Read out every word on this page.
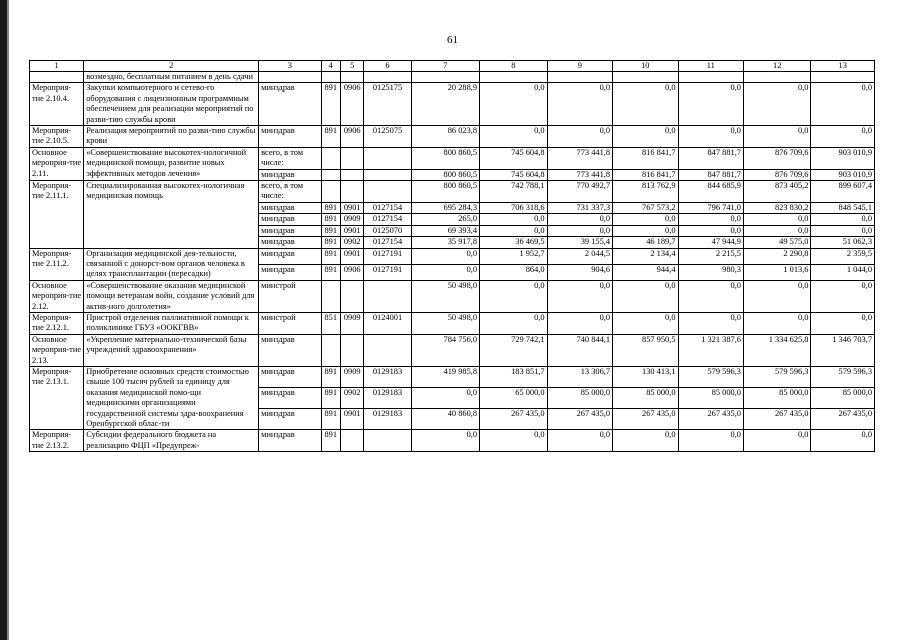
61
1	2	3	4	5	6	7	8	9	10	11	12	13
	возмездно, бесплатным питанием в день сдачи											
Мероприя-тие 2.10.4.	Закупки компьютерного и сетево-го оборудования с лицензионным программным обеспечением для реализации мероприятий по разви-тию службы крови	минздрав	891	0906	0125175	20 288,9	0,0	0,0	0,0	0,0	0,0	0,0
Мероприя-тие 2.10.5.	Реализация мероприятий по разви-тию службы крови	минздрав	891	0906	0125075	86 023,8	0,0	0,0	0,0	0,0	0,0	0,0
Основное мероприя-тие 2.11.	«Совершенствование высокотех-нологичной медицинской помощи, развитие новых эффективных методов лечения»	всего, в том числе:				800 860,5	745 604,8	773 441,8	816 841,7	847 881,7	876 709,6	903 010,9
		минздрав				800 860,5	745 604,8	773 441,8	816 841,7	847 881,7	876 709,6	903 010,9
Мероприя-тие 2.11.1.	Специализированная высокотех-нологичная медицинская помощь	всего, в том числе:				800 860,5	742 788,1	770 492,7	813 762,9	844 685,9	873 405,2	899 607,4
		минздрав	891	0901	0127154	695 284,3	706 318,6	731 337,3	767 573,2	796 741,0	823 830,2	848 545,1
		минздрав	891	0909	0127154	265,0	0,0	0,0	0,0	0,0	0,0	0,0
		минздрав	891	0901	0125070	69 393,4	0,0	0,0	0,0	0,0	0,0	0,0
		минздрав	891	0902	0127154	35 917,8	36 469,5	39 155,4	46 189,7	47 944,9	49 575,0	51 062,3
Мероприя-тие 2.11.2.	Организация медицинской дея-тельности, связанной с донорст-вом органов человека в целях трансплантации (пересадки)	минздрав	891	0901	0127191	0,0	1 952,7	2 044,5	2 134,4	2 215,5	2 290,8	2 359,5
		минздрав	891	0906	0127191	0,0	864,0	904,6	944,4	980,3	1 013,6	1 044,0
Основное мероприя-тие 2.12.	«Совершенствование оказания медицинской помощи ветеранам войн, создание условий для актив-ного долголетия»	минстрой				50 498,0	0,0	0,0	0,0	0,0	0,0	0,0
Мероприя-тие 2.12.1.	Пристрой отделения паллиативной помощи к поликлинике ГБУЗ «ООКГВВ»	минстрой	851	0909	0124001	50 498,0	0,0	0,0	0,0	0,0	0,0	0,0
Основное мероприя-тие 2.13.	«Укрепление материально-технической базы учреждений здравоохранения»	минздрав				784 756,0	729 742,1	740 844,1	857 950,5	1 321 387,6	1 334 625,8	1 346 703,7
Мероприя-тие 2.13.1.	Приобретение основных средств стоимостью свыше 100 тысяч рублей за единицу для оказания медицинской помо-щи медицинскими организациями государственной системы здра-воохранения Оренбургской облас-ти	минздрав	891	0909	0129183	419 985,8	183 851,7	13 306,7	130 413,1	579 596,3	579 596,3	579 596,3
		минздрав	891	0902	0129183	0,0	65 000,0	85 000,0	85 000,0	85 000,0	85 000,0	85 000,0
		минздрав	891	0901	0129183	40 860,8	267 435,0	267 435,0	267 435,0	267 435,0	267 435,0	267 435,0
Мероприя-тие 2.13.2.	Субсидии федерального бюджета на реализацию ФЦП «Предупреж-	минздрав	891			0,0	0,0	0,0	0,0	0,0	0,0	0,0
